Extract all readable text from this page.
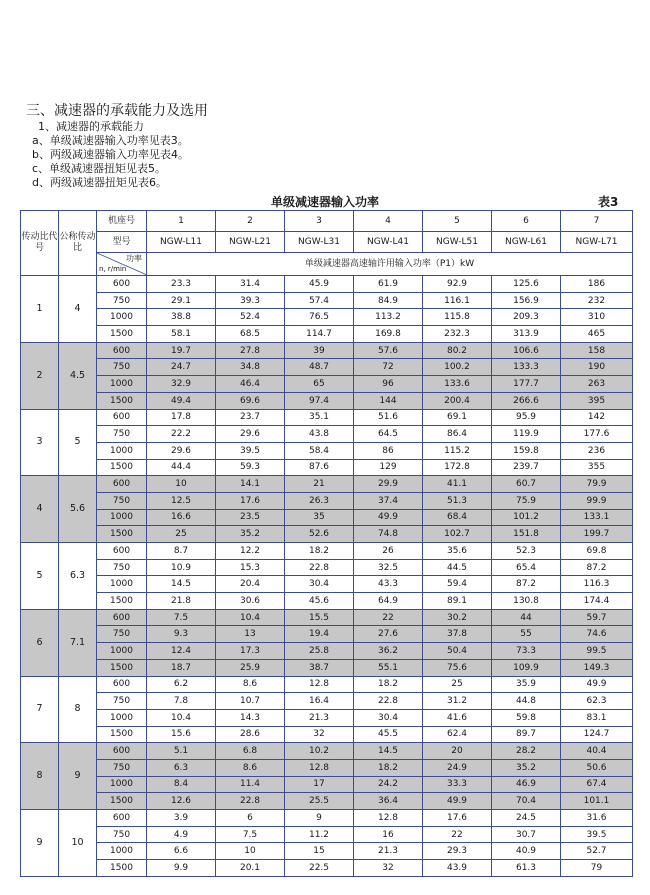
三、减速器的承载能力及选用
1、减速器的承载能力
a、单级减速器输入功率见表3。
b、两级减速器输入功率见表4。
c、单级减速器扭矩见表5。
d、两级减速器扭矩见表6。
单级减速器输入功率	表3
传动比代号	公称传动比	机座号	1	2	3	4	5	6	7
		型号	NGW-L11	NGW-L21	NGW-L31	NGW-L41	NGW-L51	NGW-L61	NGW-L71

		功率
n, r/min	单级减速器高速轴许用输入功率（P1）kW						
1	4	600	23.3	31.4	45.9	61.9	92.9	125.6	186
		750	29.1	39.3	57.4	84.9	116.1	156.9	232
		1000	38.8	52.4	76.5	113.2	115.8	209.3	310
		1500	58.1	68.5	114.7	169.8	232.3	313.9	465
2	4.5	600	19.7	27.8	39	57.6	80.2	106.6	158
		750	24.7	34.8	48.7	72	100.2	133.3	190
		1000	32.9	46.4	65	96	133.6	177.7	263
		1500	49.4	69.6	97.4	144	200.4	266.6	395
3	5	600	17.8	23.7	35.1	51.6	69.1	95.9	142
		750	22.2	29.6	43.8	64.5	86.4	119.9	177.6
		1000	29.6	39.5	58.4	86	115.2	159.8	236
		1500	44.4	59.3	87.6	129	172.8	239.7	355
4	5.6	600	10	14.1	21	29.9	41.1	60.7	79.9
		750	12.5	17.6	26.3	37.4	51.3	75.9	99.9
		1000	16.6	23.5	35	49.9	68.4	101.2	133.1
		1500	25	35.2	52.6	74.8	102.7	151.8	199.7
5	6.3	600	8.7	12.2	18.2	26	35.6	52.3	69.8
		750	10.9	15.3	22.8	32.5	44.5	65.4	87.2
		1000	14.5	20.4	30.4	43.3	59.4	87.2	116.3
		1500	21.8	30.6	45.6	64.9	89.1	130.8	174.4
6	7.1	600	7.5	10.4	15.5	22	30.2	44	59.7
		750	9.3	13	19.4	27.6	37.8	55	74.6
		1000	12.4	17.3	25.8	36.2	50.4	73.3	99.5
		1500	18.7	25.9	38.7	55.1	75.6	109.9	149.3
7	8	600	6.2	8.6	12.8	18.2	25	35.9	49.9
		750	7.8	10.7	16.4	22.8	31.2	44.8	62.3
		1000	10.4	14.3	21.3	30.4	41.6	59.8	83.1
		1500	15.6	28.6	32	45.5	62.4	89.7	124.7
8	9	600	5.1	6.8	10.2	14.5	20	28.2	40.4
		750	6.3	8.6	12.8	18.2	24.9	35.2	50.6
		1000	8.4	11.4	17	24.2	33.3	46.9	67.4
		1500	12.6	22.8	25.5	36.4	49.9	70.4	101.1
9	10	600	3.9	6	9	12.8	17.6	24.5	31.6
		750	4.9	7.5	11.2	16	22	30.7	39.5
		1000	6.6	10	15	21.3	29.3	40.9	52.7
		1500	9.9	20.1	22.5	32	43.9	61.3	79
